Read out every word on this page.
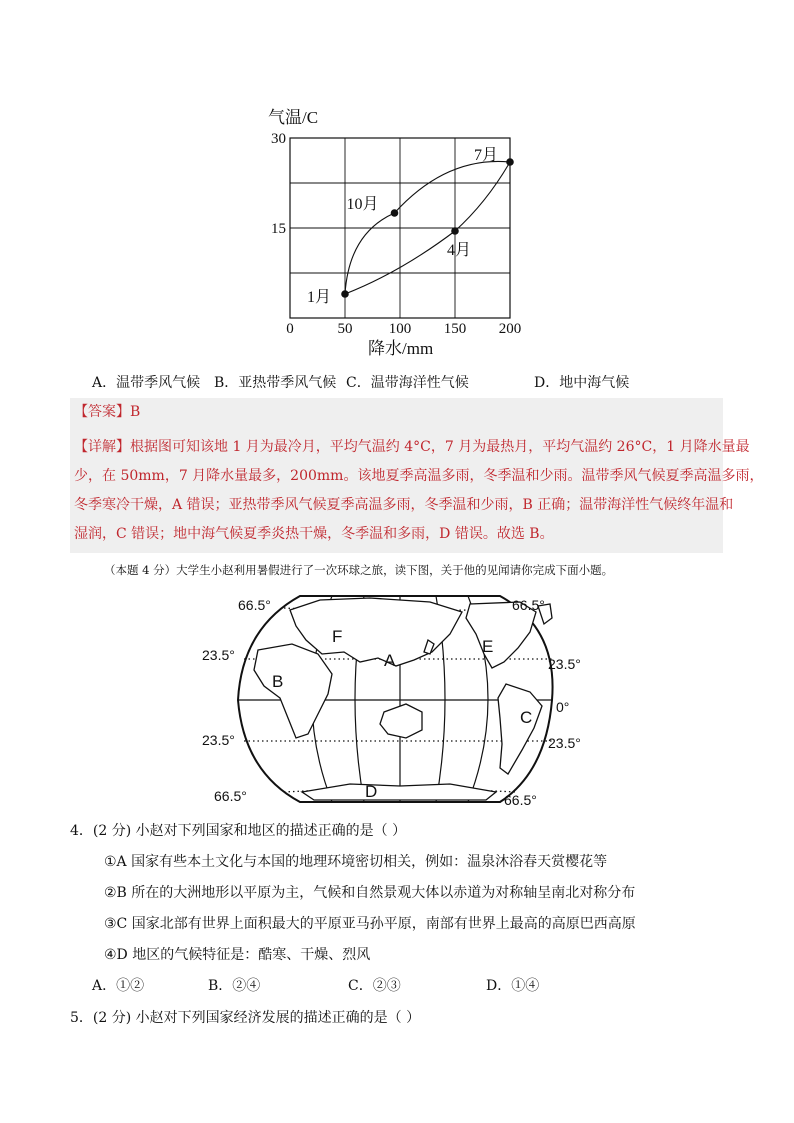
气温/C
降水/mm
0	50 100 150 200
15
30
1月
4月
7月
10月
A．温带季风气候 B．亚热带季风气候 C．温带海洋性气候	D．地中海气候
【答案】B
【详解】根据图可知该地 1 月为最冷月，平均气温约 4°C，7 月为最热月，平均气温约 26°C，1 月降水量最
少，在 50mm，7 月降水量最多，200mm。该地夏季高温多雨，冬季温和少雨。温带季风气候夏季高温多雨，
冬季寒冷干燥，A 错误；亚热带季风气候夏季高温多雨，冬季温和少雨，B 正确；温带海洋性气候终年温和
湿润，C 错误；地中海气候夏季炎热干燥，冬季温和多雨，D 错误。故选 B。
（本题 4 分）大学生小赵利用暑假进行了一次环球之旅，读下图，关于他的见闻请你完成下面小题。
66.5°	66.5°
23.5°
23.5°
0°
23.5°	23.5°
66.5°	66.5°
A
B
C
D
E
F
4．(2 分) 小赵对下列国家和地区的描述正确的是（ ）
①A 国家有些本土文化与本国的地理环境密切相关，例如：温泉沐浴春天赏樱花等
②B 所在的大洲地形以平原为主，气候和自然景观大体以赤道为对称轴呈南北对称分布
③C 国家北部有世界上面积最大的平原亚马孙平原，南部有世界上最高的高原巴西高原
④D 地区的气候特征是：酷寒、干燥、烈风
A．①②	B．②④	C．②③	D．①④
5．(2 分) 小赵对下列国家经济发展的描述正确的是（ ）
